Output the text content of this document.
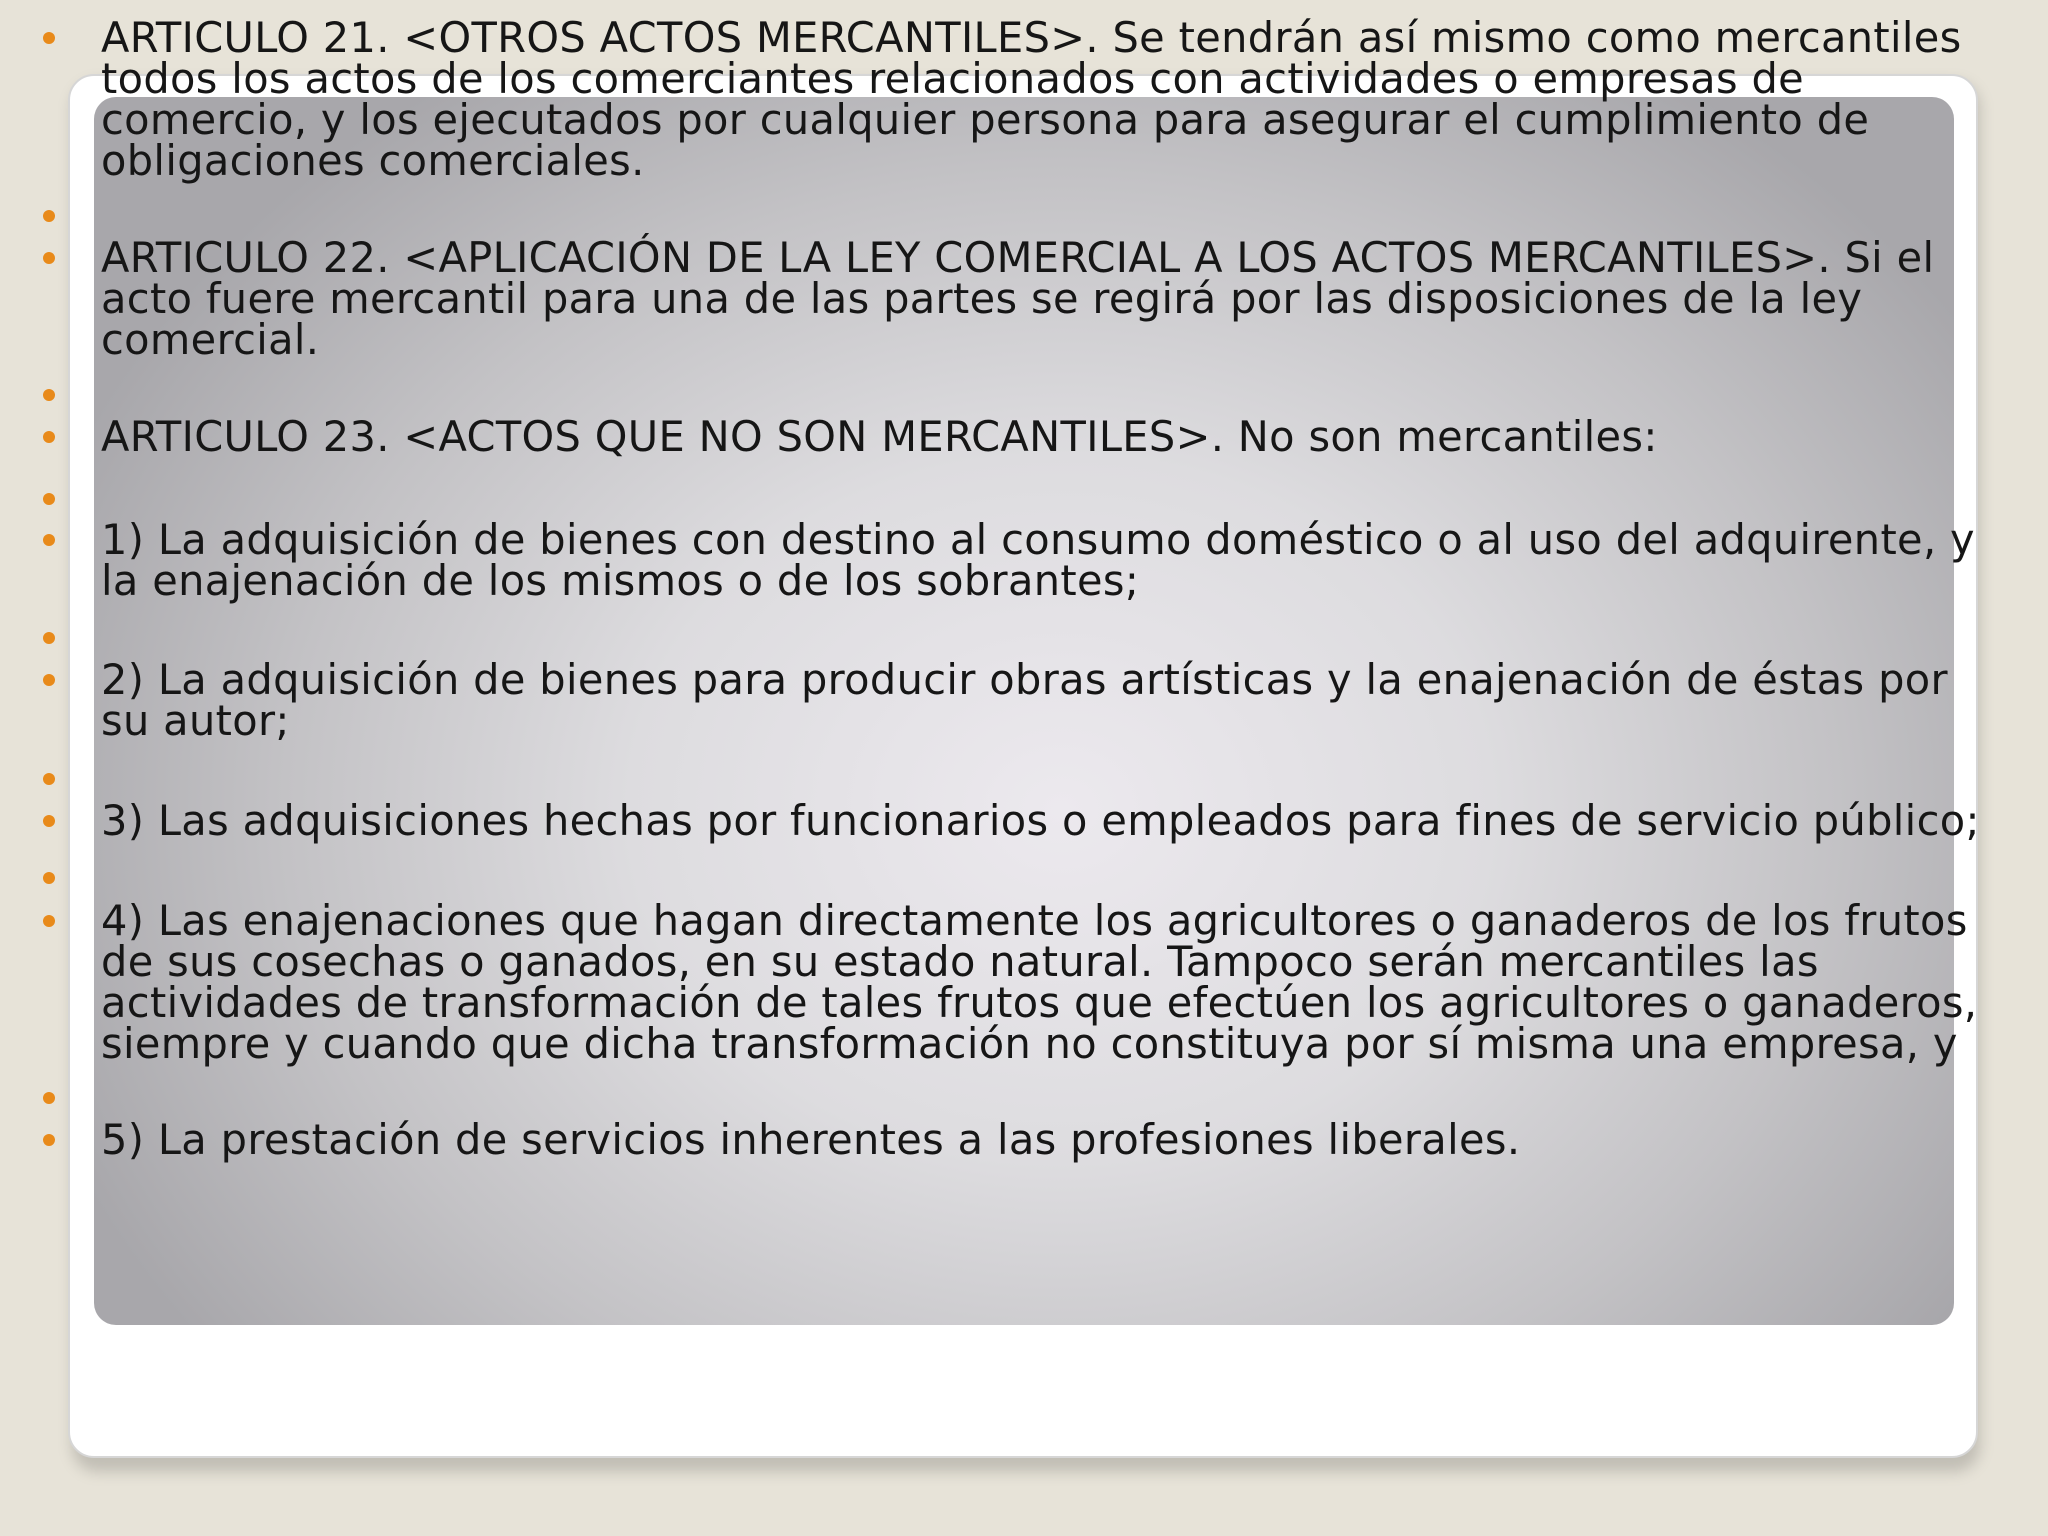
ARTICULO 21. <OTROS ACTOS MERCANTILES>. Se tendrán así mismo como mercantiles
todos los actos de los comerciantes relacionados con actividades o empresas de
comercio, y los ejecutados por cualquier persona para asegurar el cumplimiento de
obligaciones comerciales.
ARTICULO 22. <APLICACIÓN DE LA LEY COMERCIAL A LOS ACTOS MERCANTILES>. Si el
acto fuere mercantil para una de las partes se regirá por las disposiciones de la ley
comercial.
ARTICULO 23. <ACTOS QUE NO SON MERCANTILES>. No son mercantiles:
1) La adquisición de bienes con destino al consumo doméstico o al uso del adquirente, y
la enajenación de los mismos o de los sobrantes;
2) La adquisición de bienes para producir obras artísticas y la enajenación de éstas por
su autor;
3) Las adquisiciones hechas por funcionarios o empleados para fines de servicio público;
4) Las enajenaciones que hagan directamente los agricultores o ganaderos de los frutos
de sus cosechas o ganados, en su estado natural. Tampoco serán mercantiles las
actividades de transformación de tales frutos que efectúen los agricultores o ganaderos,
siempre y cuando que dicha transformación no constituya por sí misma una empresa, y
5) La prestación de servicios inherentes a las profesiones liberales.
